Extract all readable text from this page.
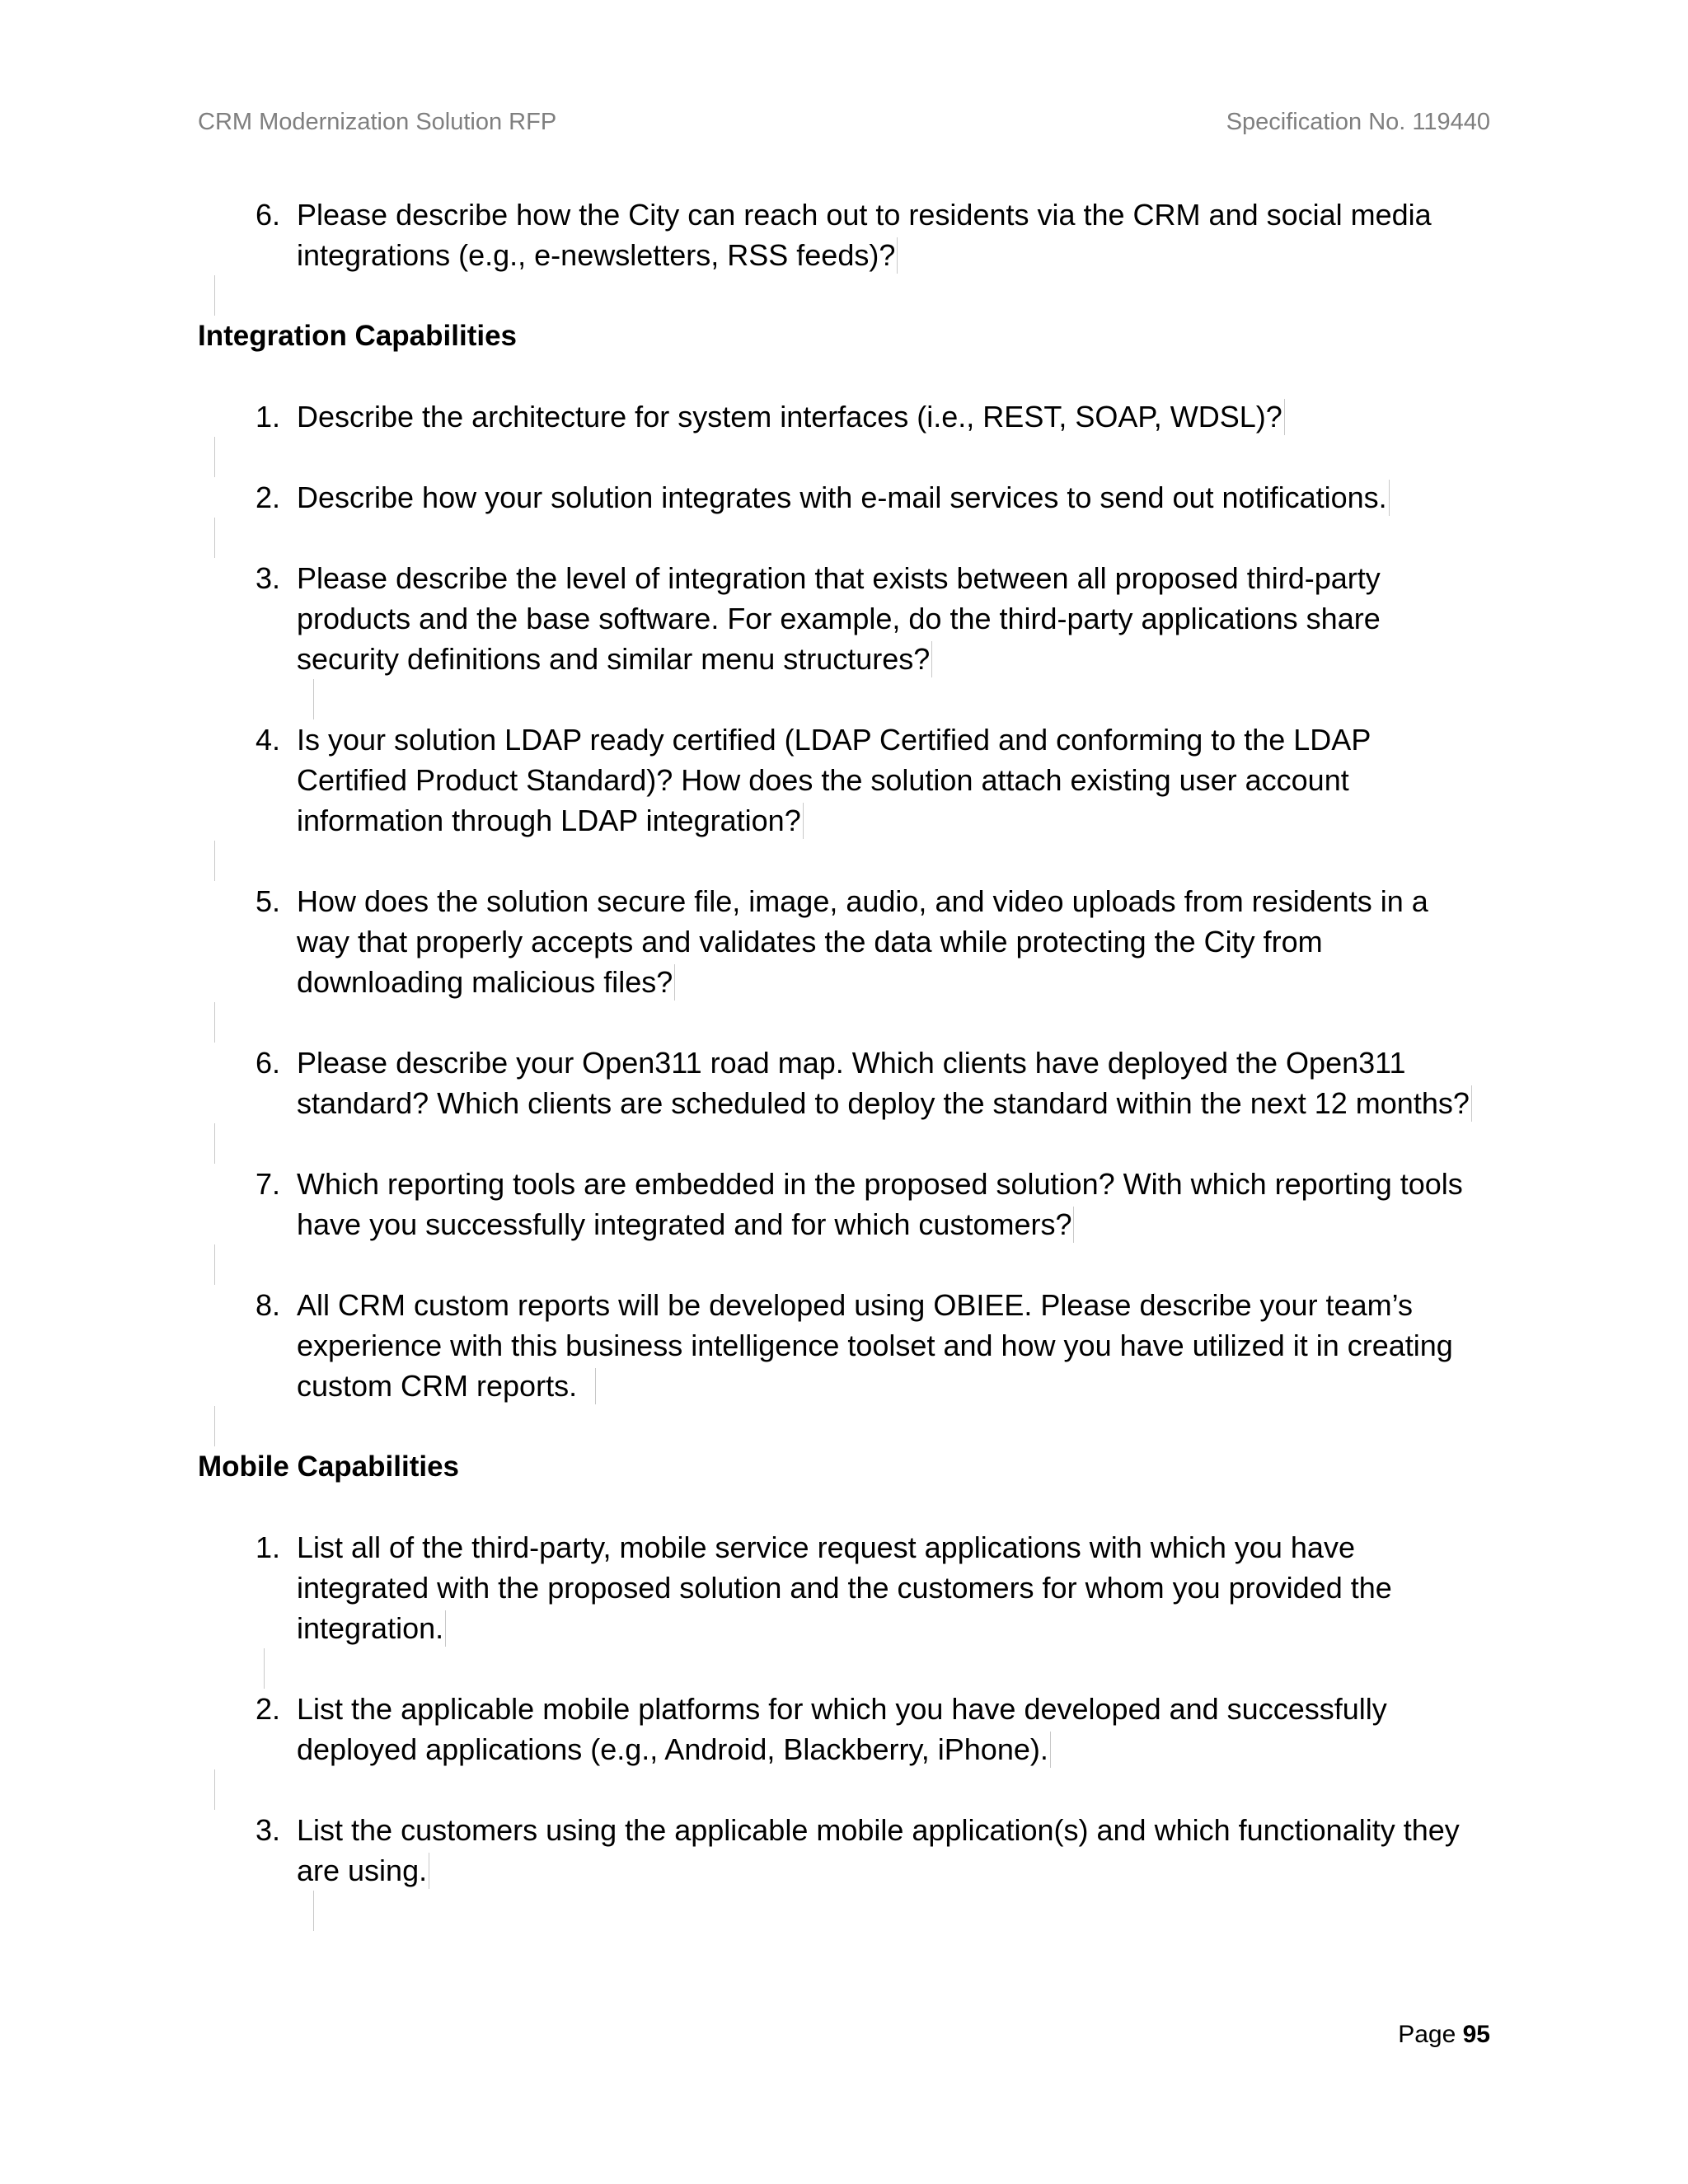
CRM Modernization Solution RFP	Specification No. 119440
6. Please describe how the City can reach out to residents via the CRM and social media integrations (e.g., e-newsletters, RSS feeds)?
Integration Capabilities
1. Describe the architecture for system interfaces (i.e., REST, SOAP, WDSL)?
2. Describe how your solution integrates with e-mail services to send out notifications.
3. Please describe the level of integration that exists between all proposed third-party products and the base software. For example, do the third-party applications share security definitions and similar menu structures?
4. Is your solution LDAP ready certified (LDAP Certified and conforming to the LDAP Certified Product Standard)? How does the solution attach existing user account information through LDAP integration?
5. How does the solution secure file, image, audio, and video uploads from residents in a way that properly accepts and validates the data while protecting the City from downloading malicious files?
6. Please describe your Open311 road map. Which clients have deployed the Open311 standard? Which clients are scheduled to deploy the standard within the next 12 months?
7. Which reporting tools are embedded in the proposed solution? With which reporting tools have you successfully integrated and for which customers?
8. All CRM custom reports will be developed using OBIEE. Please describe your team’s experience with this business intelligence toolset and how you have utilized it in creating custom CRM reports.
Mobile Capabilities
1. List all of the third-party, mobile service request applications with which you have integrated with the proposed solution and the customers for whom you provided the integration.
2. List the applicable mobile platforms for which you have developed and successfully deployed applications (e.g., Android, Blackberry, iPhone).
3. List the customers using the applicable mobile application(s) and which functionality they are using.
Page 95
